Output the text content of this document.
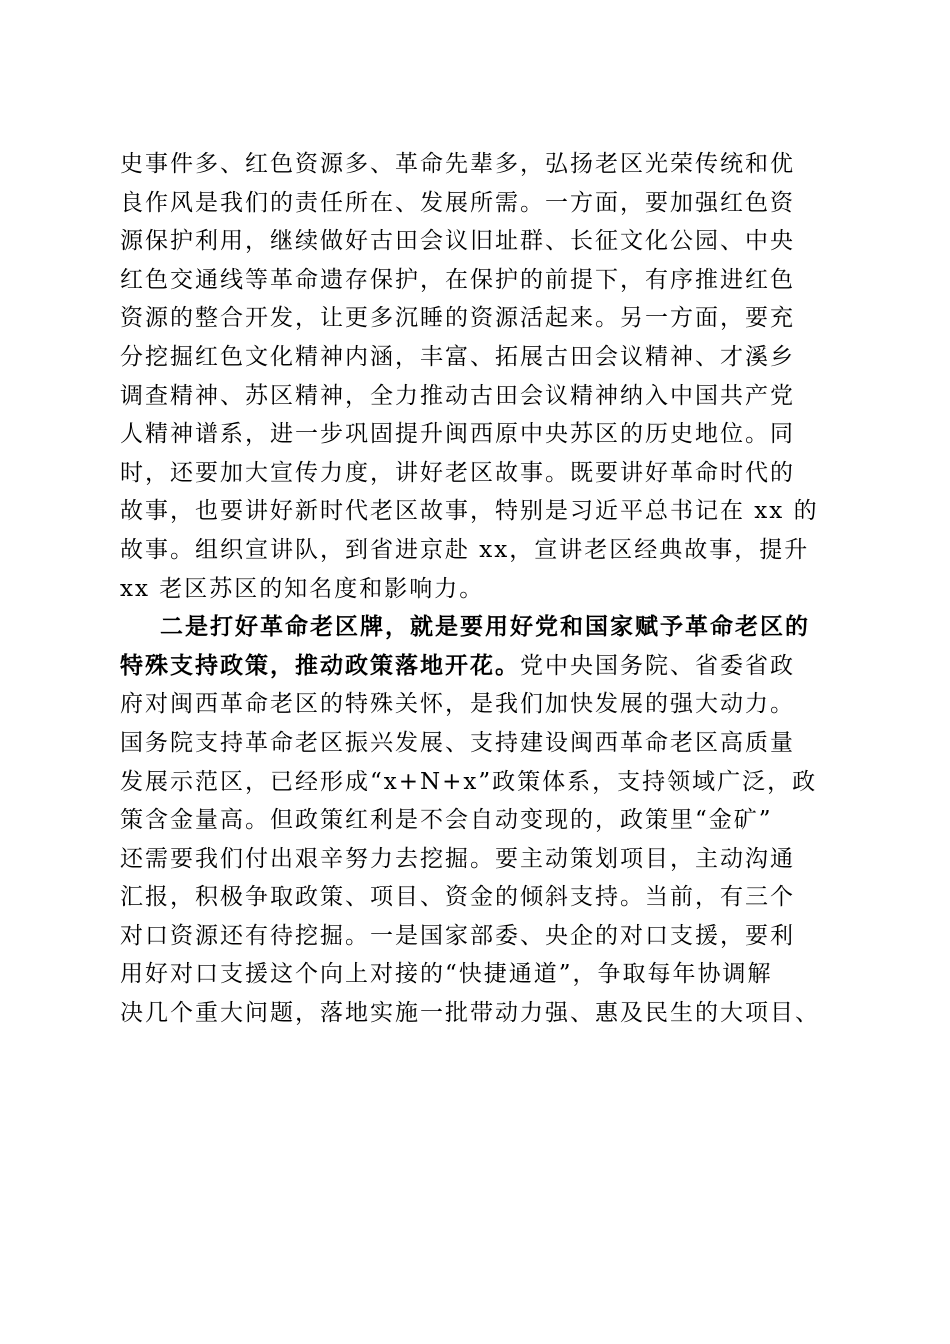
史事件多、红色资源多、革命先辈多，弘扬老区光荣传统和优
良作风是我们的责任所在、发展所需。一方面，要加强红色资
源保护利用，继续做好古田会议旧址群、长征文化公园、中央
红色交通线等革命遗存保护，在保护的前提下，有序推进红色
资源的整合开发，让更多沉睡的资源活起来。另一方面，要充
分挖掘红色文化精神内涵，丰富、拓展古田会议精神、才溪乡
调查精神、苏区精神，全力推动古田会议精神纳入中国共产党
人精神谱系，进一步巩固提升闽西原中央苏区的历史地位。同
时，还要加大宣传力度，讲好老区故事。既要讲好革命时代的
故事，也要讲好新时代老区故事，特别是习近平总书记在 xx 的
故事。组织宣讲队，到省进京赴 xx，宣讲老区经典故事，提升
xx 老区苏区的知名度和影响力。
二是打好革命老区牌，就是要用好党和国家赋予革命老区的
特殊支持政策，推动政策落地开花。党中央国务院、省委省政
府对闽西革命老区的特殊关怀，是我们加快发展的强大动力。
国务院支持革命老区振兴发展、支持建设闽西革命老区高质量
发展示范区，已经形成“x+N+x”政策体系，支持领域广泛，政
策含金量高。但政策红利是不会自动变现的，政策里“金矿”
还需要我们付出艰辛努力去挖掘。要主动策划项目，主动沟通
汇报，积极争取政策、项目、资金的倾斜支持。当前，有三个
对口资源还有待挖掘。一是国家部委、央企的对口支援，要利
用好对口支援这个向上对接的“快捷通道”，争取每年协调解
决几个重大问题，落地实施一批带动力强、惠及民生的大项目、
